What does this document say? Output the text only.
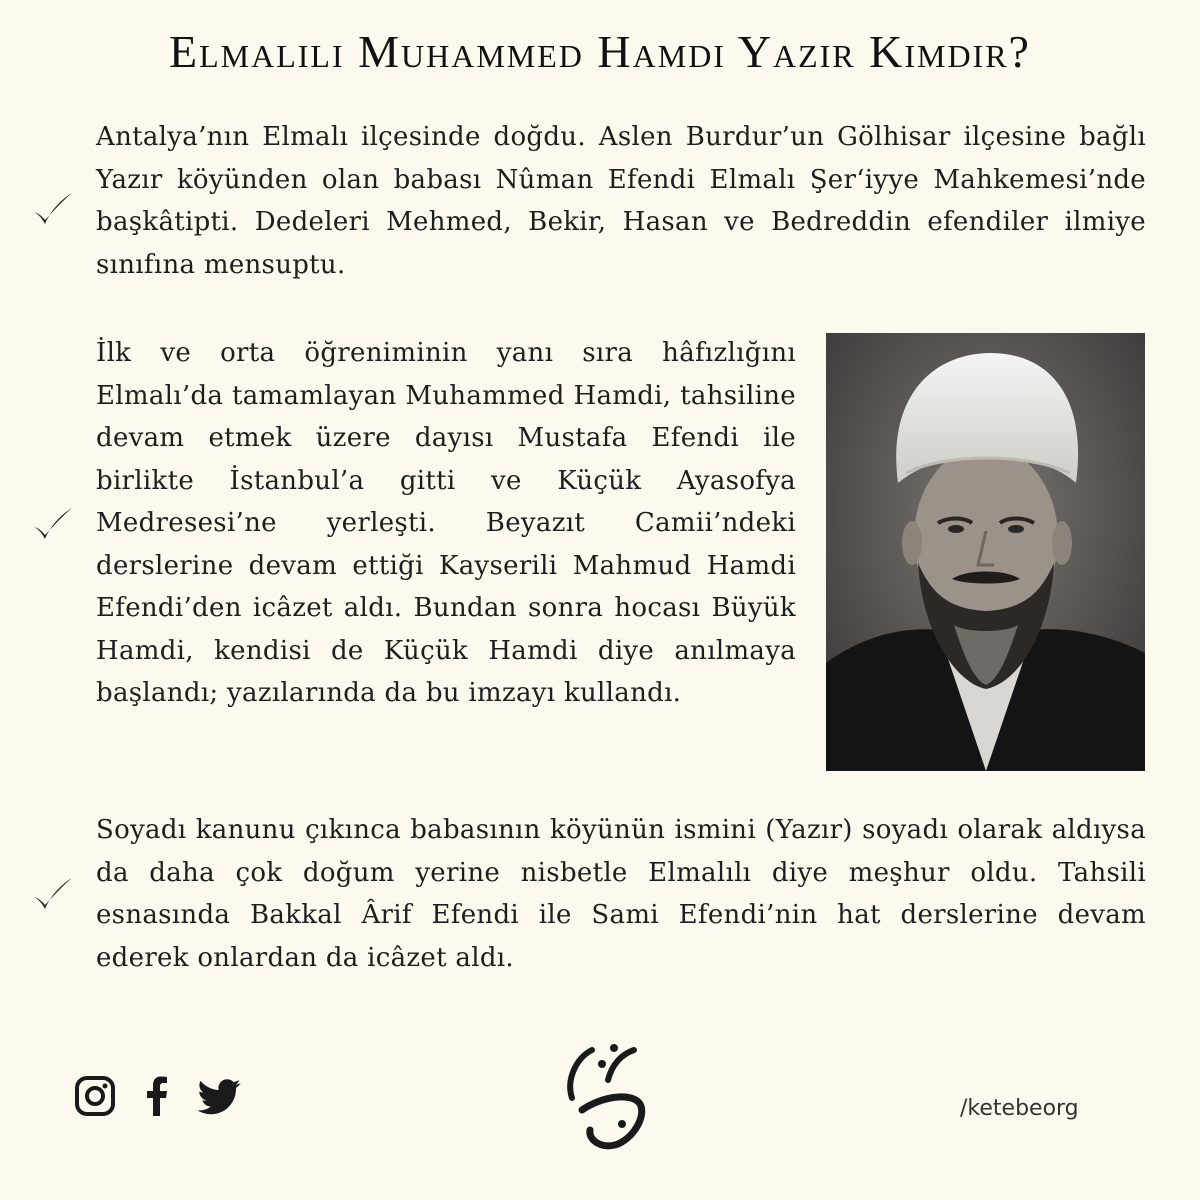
Elmalılı Muhammed Hamdi Yazır Kimdir?

Antalya’nın Elmalı ilçesinde doğdu. Aslen Burdur’un Gölhisar ilçesine bağlı Yazır köyünden olan babası Nûman Efendi Elmalı Şer‘iyye Mahkemesi’nde başkâtipti. Dedeleri Mehmed, Bekir, Hasan ve Bedreddin efendiler ilmiye sınıfına mensuptu.

İlk ve orta öğreniminin yanı sıra hâfızlığını Elmalı’da tamamlayan Muhammed Hamdi, tahsiline devam etmek üzere dayısı Mustafa Efendi ile birlikte İstanbul’a gitti ve Küçük Ayasofya Medresesi’ne yerleşti. Beyazıt Camii’ndeki derslerine devam ettiği Kayserili Mahmud Hamdi Efendi’den icâzet aldı. Bundan sonra hocası Büyük Hamdi, kendisi de Küçük Hamdi diye anılmaya başlandı; yazılarında da bu imzayı kullandı.

Soyadı kanunu çıkınca babasının köyünün ismini (Yazır) soyadı olarak aldıysa da daha çok doğum yerine nisbetle Elmalılı diye meşhur oldu. Tahsili esnasında Bakkal Ârif Efendi ile Sami Efendi’nin hat derslerine devam ederek onlardan da icâzet aldı.

/ketebeorg
